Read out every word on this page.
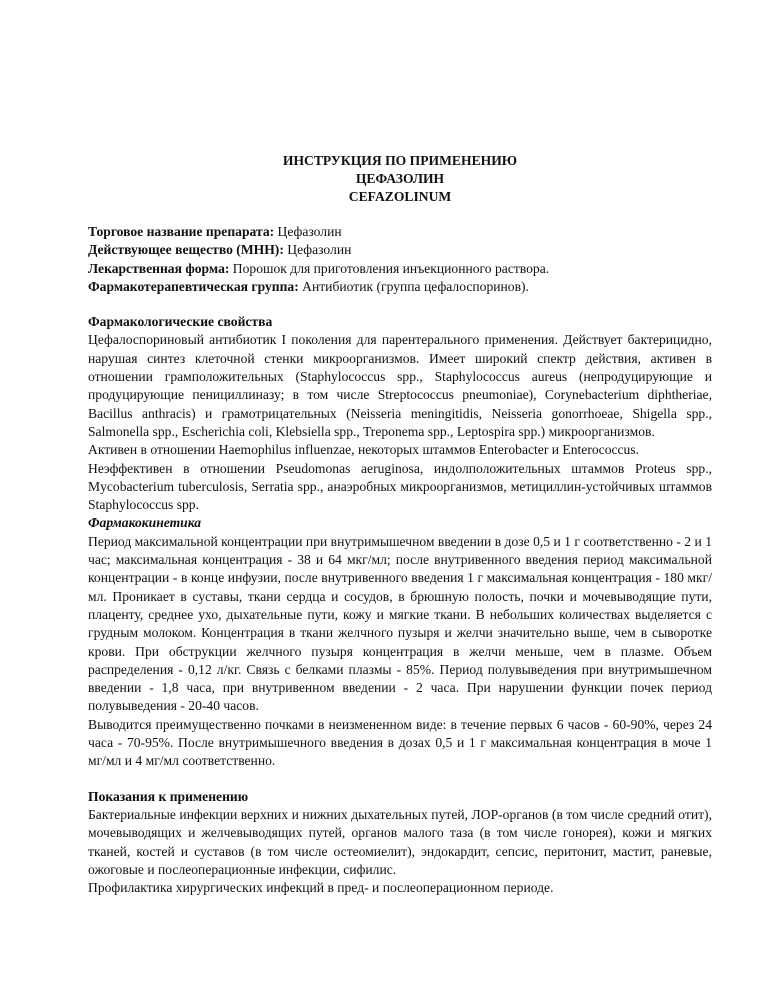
ИНСТРУКЦИЯ ПО ПРИМЕНЕНИЮ

ЦЕФАЗОЛИН

CEFAZOLINUM

Торговое название препарата: Цефазолин

Действующее вещество (МНН): Цефазолин

Лекарственная форма: Порошок для приготовления инъекционного раствора.

Фармакотерапевтическая группа: Антибиотик (группа цефалоспоринов).

Фармакологические свойства

Цефалоспориновый антибиотик I поколения для парентерального применения. Действует бактерицидно, нарушая синтез клеточной стенки микроорганизмов. Имеет широкий спектр действия, активен в отношении грамположительных (Staphylococcus spp., Staphylococcus aureus (непродуцирующие и продуцирующие пенициллиназу; в том числе Streptococcus pneumoniae), Corynebacterium diphtheriae, Bacillus anthracis) и грамотрицательных (Neisseria meningitidis, Neisseria gonorrhoeae, Shigella spp., Salmonella spp., Escherichia coli, Klebsiella spp., Treponema spp., Leptospira spp.) микроорганизмов.

Активен в отношении Haemophilus influenzae, некоторых штаммов Enterobacter и Enterococcus.

Неэффективен в отношении Pseudomonas aeruginosa, индолположительных штаммов Proteus spp., Mycobacterium tuberculosis, Serratia spp., анаэробных микроорганизмов, метициллин-устойчивых штаммов Staphylococcus spp.

Фармакокинетика

Период максимальной концентрации при внутримышечном введении в дозе 0,5 и 1 г соответственно - 2 и 1 час; максимальная концентрация - 38 и 64 мкг/мл; после внутривенного введения период максимальной концентрации - в конце инфузии, после внутривенного введения 1 г максимальная концентрация - 180 мкг/мл. Проникает в суставы, ткани сердца и сосудов, в брюшную полость, почки и мочевыводящие пути, плаценту, среднее ухо, дыхательные пути, кожу и мягкие ткани. В небольших количествах выделяется с грудным молоком. Концентрация в ткани желчного пузыря и желчи значительно выше, чем в сыворотке крови. При обструкции желчного пузыря концентрация в желчи меньше, чем в плазме. Объем распределения - 0,12 л/кг. Связь с белками плазмы - 85%. Период полувыведения при внутримышечном введении - 1,8 часа, при внутривенном введении - 2 часа. При нарушении функции почек период полувыведения - 20-40 часов.

Выводится преимущественно почками в неизмененном виде: в течение первых 6 часов - 60-90%, через 24 часа - 70-95%. После внутримышечного введения в дозах 0,5 и 1 г максимальная концентрация в моче 1 мг/мл и 4 мг/мл соответственно.

Показания к применению

Бактериальные инфекции верхних и нижних дыхательных путей, ЛОР-органов (в том числе средний отит), мочевыводящих и желчевыводящих путей, органов малого таза (в том числе гонорея), кожи и мягких тканей, костей и суставов (в том числе остеомиелит), эндокардит, сепсис, перитонит, мастит, раневые, ожоговые и послеоперационные инфекции, сифилис.

Профилактика хирургических инфекций в пред- и послеоперационном периоде.
